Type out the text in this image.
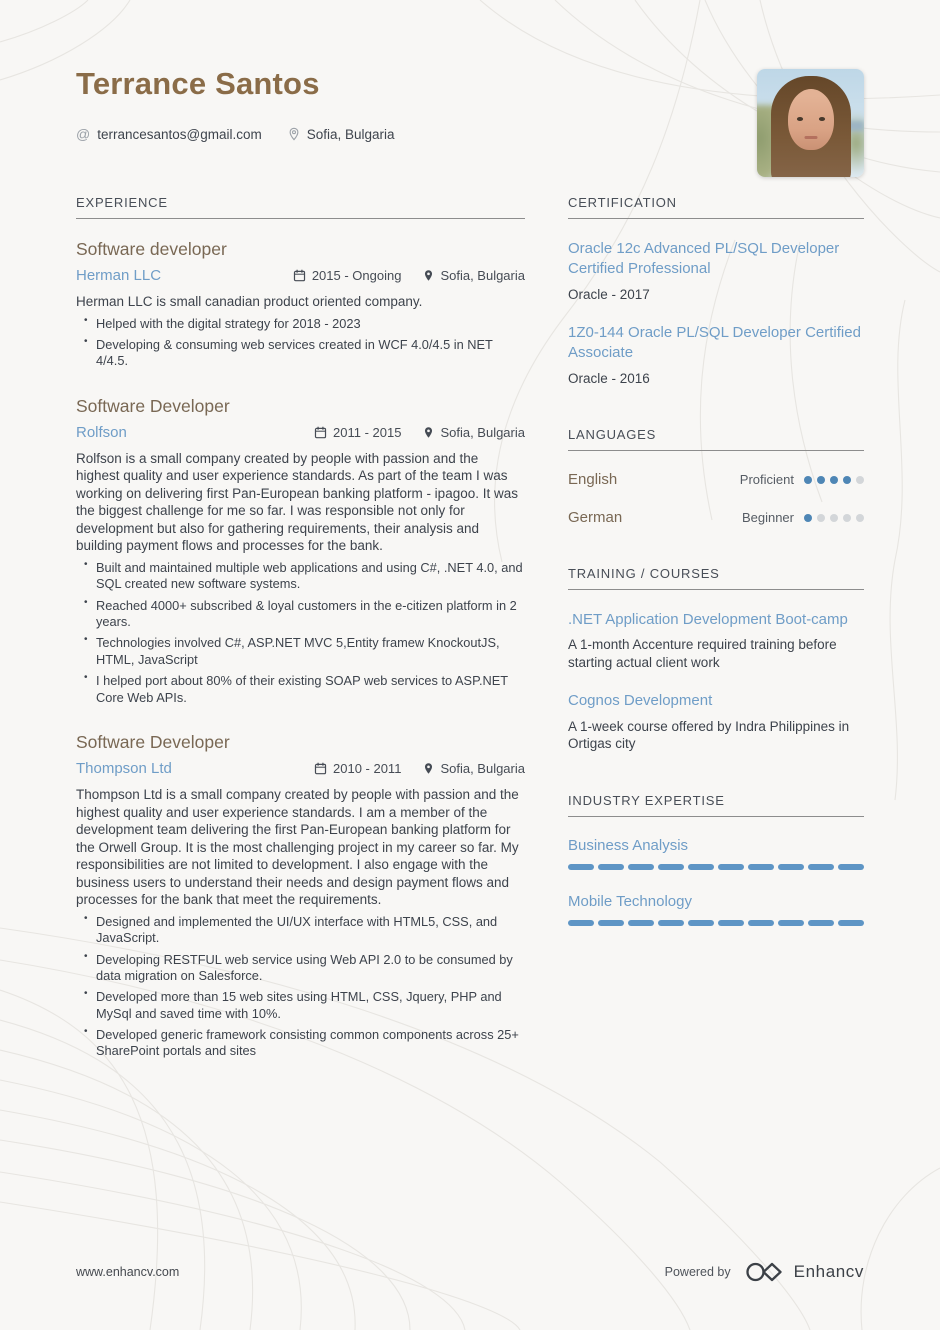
Terrance Santos
@ terrancesantos@gmail.com	Sofia, Bulgaria
EXPERIENCE
Software developer
Herman LLC	2015 - Ongoing	Sofia, Bulgaria

Herman LLC is small canadian product oriented company.

• Helped with the digital strategy for 2018 - 2023
• Developing & consuming web services created in WCF 4.0/4.5 in NET 4/4.5.
Software Developer
Rolfson	2011 - 2015	Sofia, Bulgaria

Rolfson is a small company created by people with passion and the highest quality and user experience standards. As part of the team I was working on delivering first Pan-European banking platform - ipagoo. It was the biggest challenge for me so far. I was responsible not only for development but also for gathering requirements, their analysis and building payment flows and processes for the bank.

• Built and maintained multiple web applications and using C#, .NET 4.0, and SQL created new software systems.
• Reached 4000+ subscribed & loyal customers in the e-citizen platform in 2 years.
• Technologies involved C#, ASP.NET MVC 5,Entity framew KnockoutJS, HTML, JavaScript
• I helped port about 80% of their existing SOAP web services to ASP.NET Core Web APIs.
Software Developer
Thompson Ltd	2010 - 2011	Sofia, Bulgaria

Thompson Ltd is a small company created by people with passion and the highest quality and user experience standards. I am a member of the development team delivering the first Pan-European banking platform for the Orwell Group. It is the most challenging project in my career so far. My responsibilities are not limited to development. I also engage with the business users to understand their needs and design payment flows and processes for the bank that meet the requirements.

• Designed and implemented the UI/UX interface with HTML5, CSS, and JavaScript.
• Developing RESTFUL web service using Web API 2.0 to be consumed by data migration on Salesforce.
• Developed more than 15 web sites using HTML, CSS, Jquery, PHP and MySql and saved time with 10%.
• Developed generic framework consisting common components across 25+ SharePoint portals and sites
CERTIFICATION
Oracle 12c Advanced PL/SQL Developer Certified Professional
Oracle - 2017
1Z0-144 Oracle PL/SQL Developer Certified Associate
Oracle - 2016
LANGUAGES
English	Proficient
German	Beginner
TRAINING / COURSES
.NET Application Development Boot-camp
A 1-month Accenture required training before starting actual client work
Cognos Development
A 1-week course offered by Indra Philippines in Ortigas city
INDUSTRY EXPERTISE
Business Analysis
Mobile Technology
www.enhancv.com	Powered by	Enhancv
